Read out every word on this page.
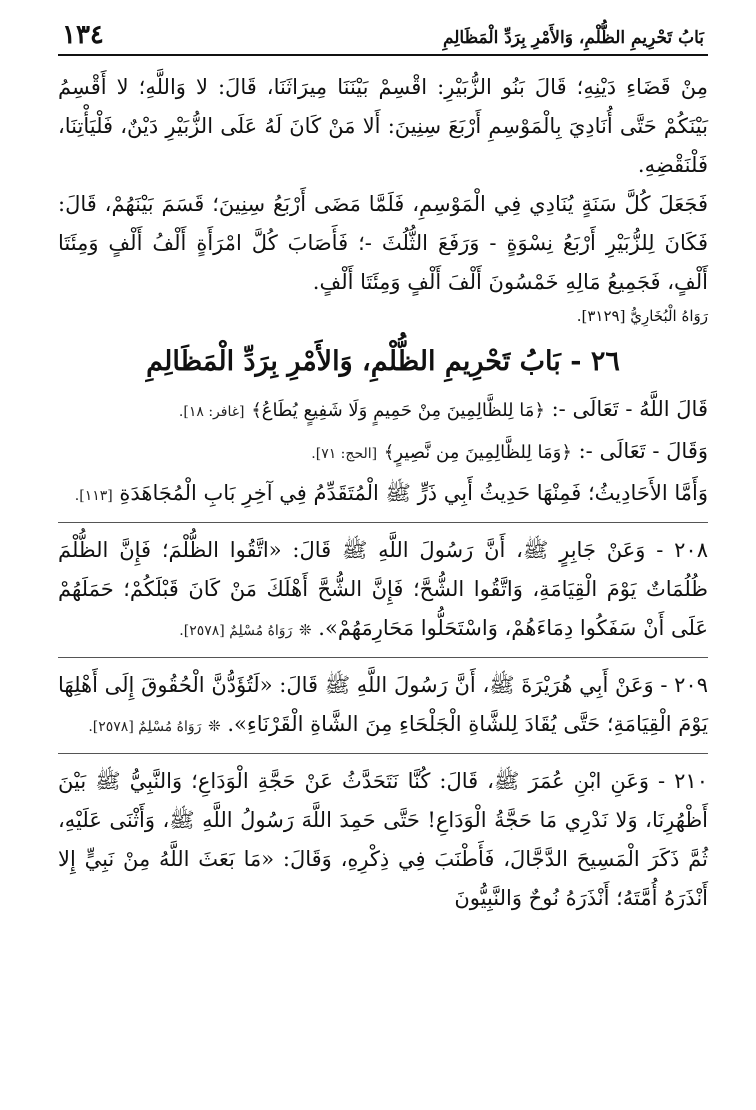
بَابُ تَحْرِيمِ الظُّلْمِ، وَالأَمْرِ بِرَدِّ الْمَظَالِمِ
١٣٤

مِنْ قَضَاءِ دَيْنِهِ؛ قَالَ بَنُو الزُّبَيْرِ: اقْسِمْ بَيْنَنَا مِيرَاثَنَا، قَالَ: لا وَاللَّهِ؛ لا أَقْسِمُ بَيْنَكُمْ حَتَّى أُنَادِيَ بِالْمَوْسِمِ أَرْبَعَ سِنِينَ: أَلا مَنْ كَانَ لَهُ عَلَى الزُّبَيْرِ دَيْنٌ، فَلْيَأْتِنَا، فَلْنَقْضِهِ.

فَجَعَلَ كُلَّ سَنَةٍ يُنَادِي فِي الْمَوْسِمِ، فَلَمَّا مَضَى أَرْبَعُ سِنِينَ؛ قَسَمَ بَيْنَهُمْ، قَالَ: فَكَانَ لِلزُّبَيْرِ أَرْبَعُ نِسْوَةٍ - وَرَفَعَ الثُّلُثَ -؛ فَأَصَابَ كُلَّ امْرَأَةٍ أَلْفُ أَلْفٍ وَمِئَتَا أَلْفٍ، فَجَمِيعُ مَالِهِ خَمْسُونَ أَلْفَ أَلْفٍ وَمِئَتَا أَلْفٍ.

رَوَاهُ الْبُخَارِيُّ [٣١٢٩].
٢٦ - بَابُ تَحْرِيمِ الظُّلْمِ، وَالأَمْرِ بِرَدِّ الْمَظَالِمِ

قَالَ اللَّهُ - تَعَالَى -: ﴿مَا لِلظَّالِمِينَ مِنْ حَمِيمٍ وَلَا شَفِيعٍ يُطَاعُ﴾ [غافر: ١٨].

وَقَالَ - تَعَالَى -: ﴿وَمَا لِلظَّالِمِينَ مِن نَّصِيرٍ﴾ [الحج: ٧١].

وَأَمَّا الأَحَادِيثُ؛ فَمِنْهَا حَدِيثُ أَبِي ذَرٍّ ﷺ الْمُتَقَدِّمُ فِي آخِرِ بَابِ الْمُجَاهَدَةِ [١١٣].

٢٠٨ - وَعَنْ جَابِرٍ ﷺ، أَنَّ رَسُولَ اللَّهِ ﷺ قَالَ: «اتَّقُوا الظُّلْمَ؛ فَإِنَّ الظُّلْمَ ظُلُمَاتٌ يَوْمَ الْقِيَامَةِ، وَاتَّقُوا الشُّحَّ؛ فَإِنَّ الشُّحَّ أَهْلَكَ مَنْ كَانَ قَبْلَكُمْ؛ حَمَلَهُمْ عَلَى أَنْ سَفَكُوا دِمَاءَهُمْ، وَاسْتَحَلُّوا مَحَارِمَهُمْ». ❊ رَوَاهُ مُسْلِمٌ [٢٥٧٨].

٢٠٩ - وَعَنْ أَبِي هُرَيْرَةَ ﷺ، أَنَّ رَسُولَ اللَّهِ ﷺ قَالَ: «لَتُؤَدُّنَّ الْحُقُوقَ إِلَى أَهْلِهَا يَوْمَ الْقِيَامَةِ؛ حَتَّى يُقَادَ لِلشَّاةِ الْجَلْحَاءِ مِنَ الشَّاةِ الْقَرْنَاءِ». ❊ رَوَاهُ مُسْلِمٌ [٢٥٧٨].

٢١٠ - وَعَنِ ابْنِ عُمَرَ ﷺ، قَالَ: كُنَّا نَتَحَدَّثُ عَنْ حَجَّةِ الْوَدَاعِ؛ وَالنَّبِيُّ ﷺ بَيْنَ أَظْهُرِنَا، وَلا نَدْرِي مَا حَجَّةُ الْوَدَاعِ! حَتَّى حَمِدَ اللَّهَ رَسُولُ اللَّهِ ﷺ، وَأَثْنَى عَلَيْهِ، ثُمَّ ذَكَرَ الْمَسِيحَ الدَّجَّالَ، فَأَطْنَبَ فِي ذِكْرِهِ، وَقَالَ: «مَا بَعَثَ اللَّهُ مِنْ نَبِيٍّ إِلا أَنْذَرَهُ أُمَّتَهُ؛ أَنْذَرَهُ نُوحٌ وَالنَّبِيُّونَ
